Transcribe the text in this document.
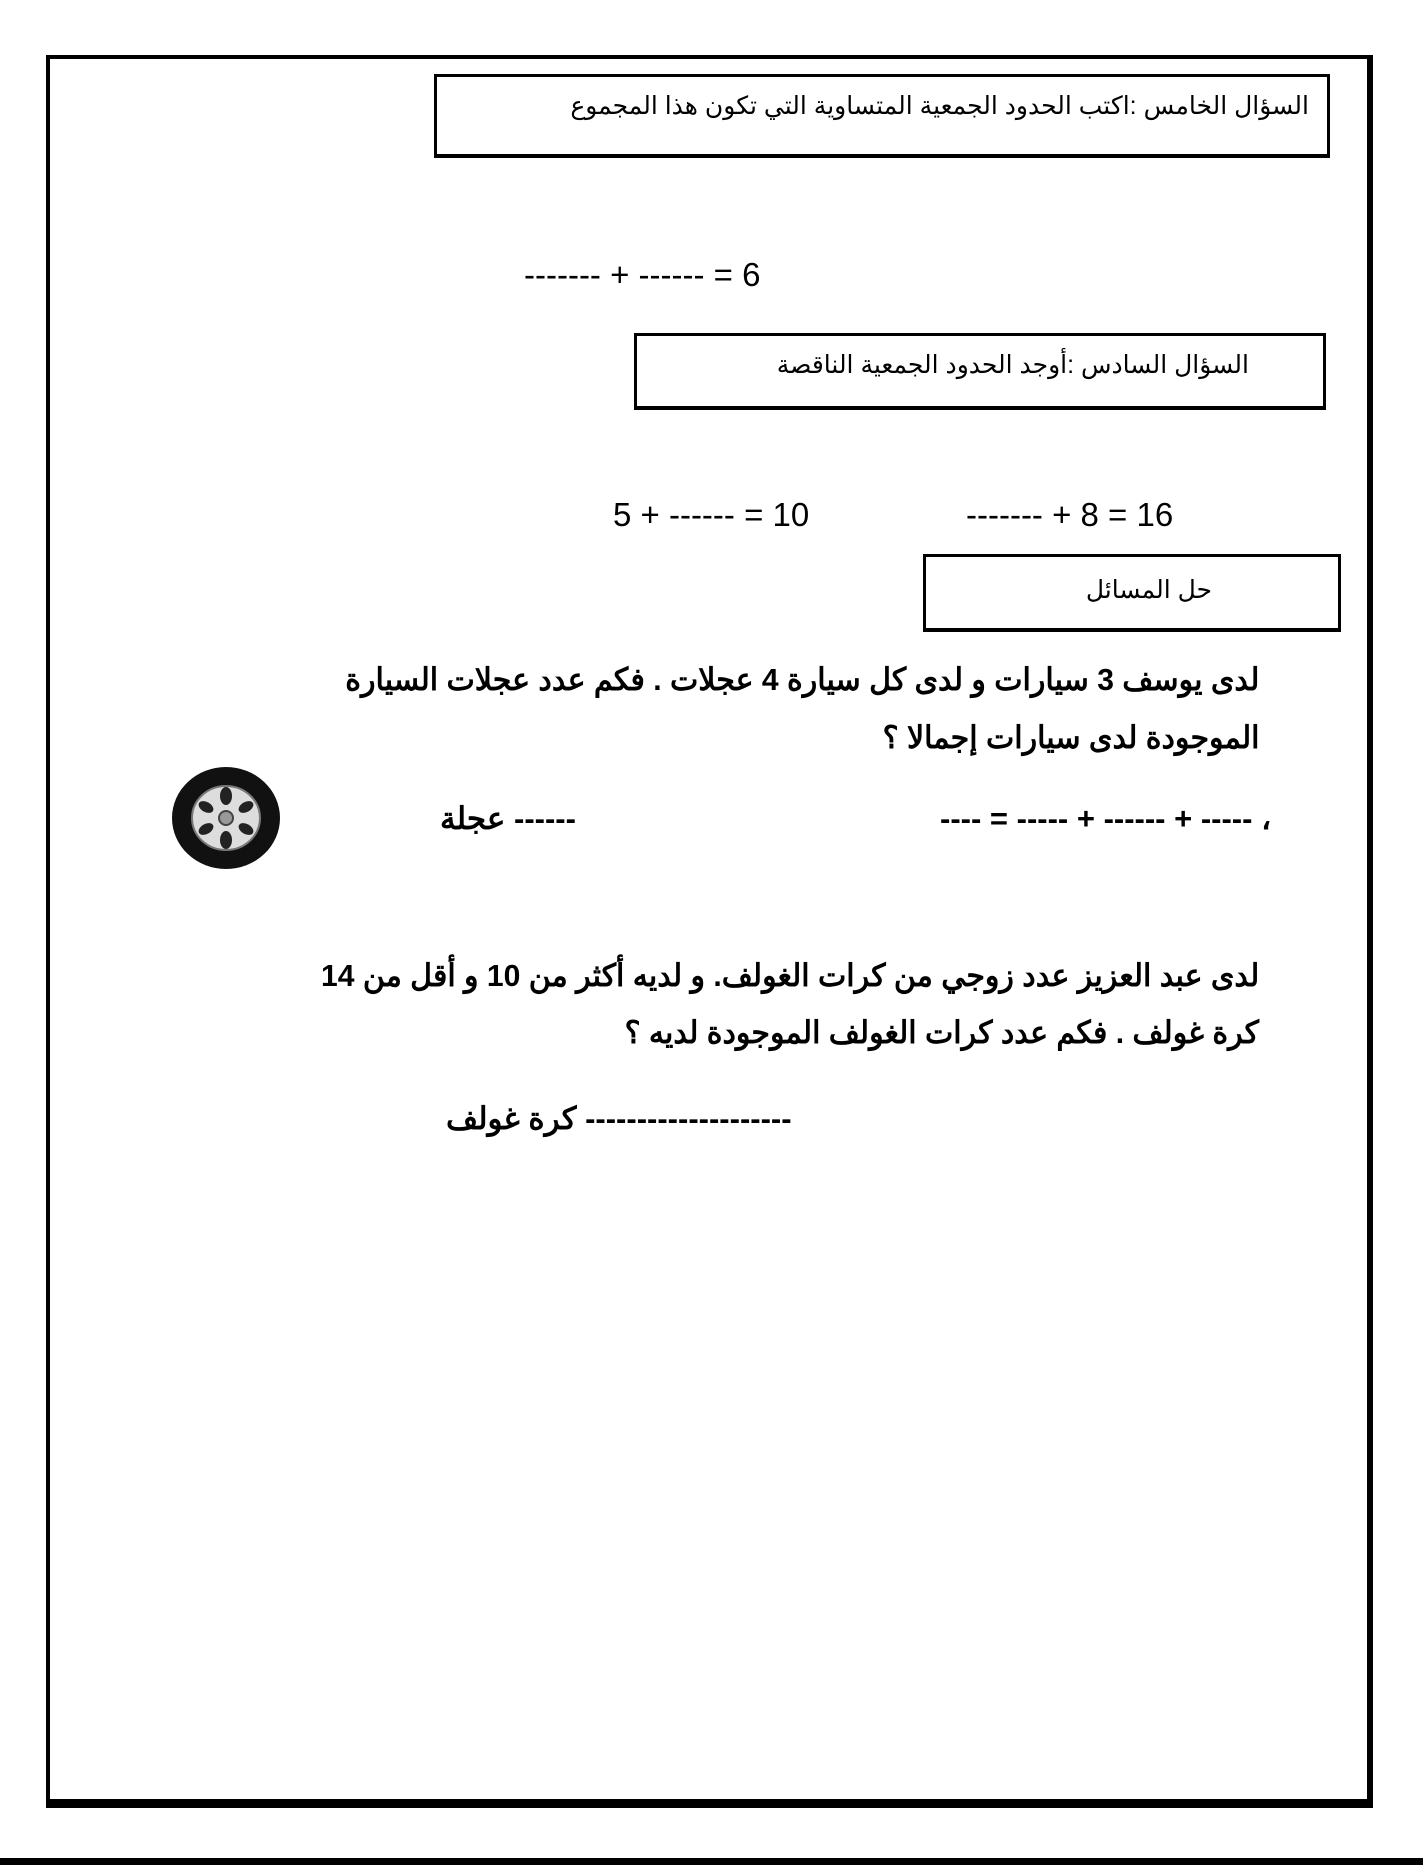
السؤال الخامس :اكتب الحدود الجمعية المتساوية التي تكون هذا المجموع
------- + ------ = 6
السؤال السادس :أوجد الحدود الجمعية الناقصة
5 + ------ = 10	------- + 8 = 16
حل المسائل
لدى يوسف 3 سيارات و لدى كل سيارة 4 عجلات . فكم عدد عجلات السيارة
الموجودة لدى سيارات إجمالا ؟
---- = ----- + ------ + ----- ،
------ عجلة
لدى عبد العزيز عدد زوجي من كرات الغولف. و لديه أكثر من 10 و أقل من 14
كرة غولف . فكم عدد كرات الغولف الموجودة لديه ؟
-------------------- كرة غولف
